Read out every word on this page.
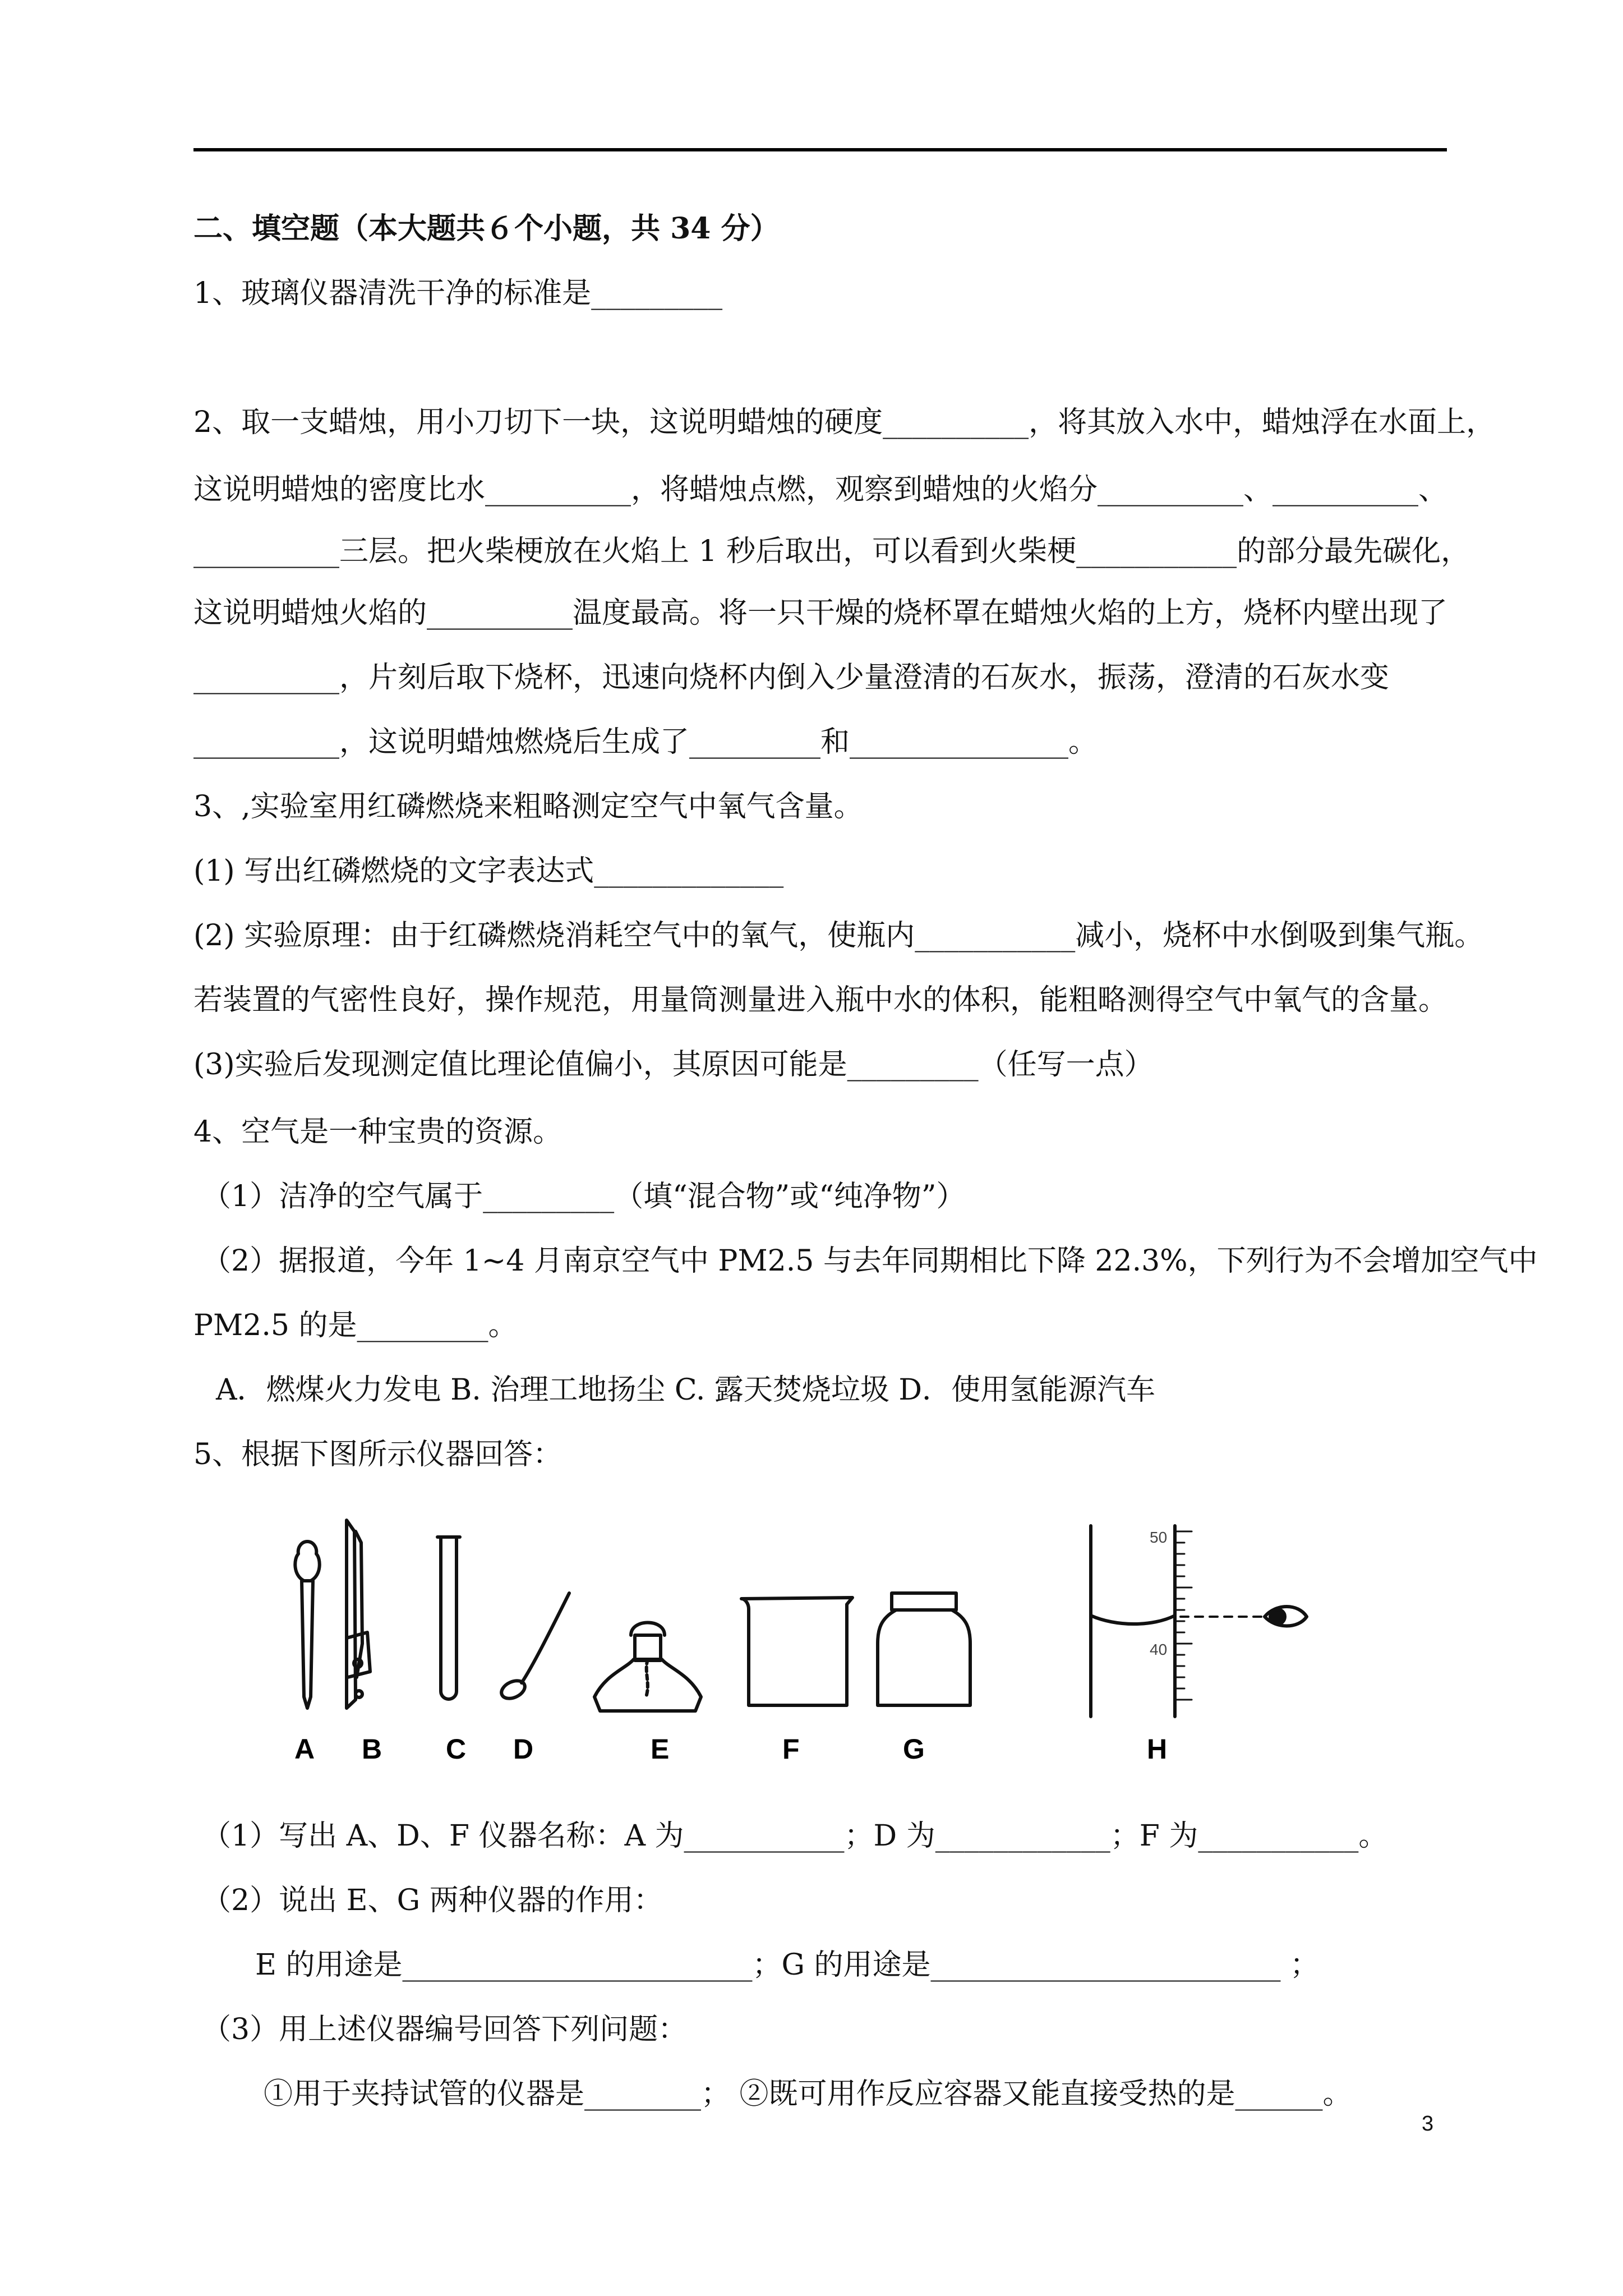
二、填空题（本大题共６个小题，共 34 分）
1、玻璃仪器清洗干净的标准是_________
2、取一支蜡烛，用小刀切下一块，这说明蜡烛的硬度__________，将其放入水中，蜡烛浮在水面上，
这说明蜡烛的密度比水__________，将蜡烛点燃，观察到蜡烛的火焰分__________、__________、
__________三层。把火柴梗放在火焰上 1 秒后取出，可以看到火柴梗___________的部分最先碳化，
这说明蜡烛火焰的__________温度最高。将一只干燥的烧杯罩在蜡烛火焰的上方，烧杯内壁出现了
__________，片刻后取下烧杯，迅速向烧杯内倒入少量澄清的石灰水，振荡，澄清的石灰水变
__________，这说明蜡烛燃烧后生成了_________和_______________。
3、,实验室用红磷燃烧来粗略测定空气中氧气含量。
(1) 写出红磷燃烧的文字表达式_____________
(2) 实验原理：由于红磷燃烧消耗空气中的氧气，使瓶内___________减小，烧杯中水倒吸到集气瓶。
若装置的气密性良好，操作规范，用量筒测量进入瓶中水的体积，能粗略测得空气中氧气的含量。
(3)实验后发现测定值比理论值偏小，其原因可能是_________（任写一点）
4、空气是一种宝贵的资源。
（1）洁净的空气属于_________（填“混合物”或“纯净物”）
（2）据报道，今年 1~4 月南京空气中 PM2.5 与去年同期相比下降 22.3%，下列行为不会增加空气中
PM2.5 的是_________。
A．燃煤火力发电 B. 治理工地扬尘 C. 露天焚烧垃圾 D．使用氢能源汽车
5、根据下图所示仪器回答：
50
40
A B C D	E	F	G	H
（1）写出 A、D、F 仪器名称：A 为___________；D 为____________；F 为___________。
（2）说出 E、G 两种仪器的作用：
E 的用途是________________________；G 的用途是________________________ ；
（3）用上述仪器编号回答下列问题：
①用于夹持试管的仪器是________； ②既可用作反应容器又能直接受热的是______。
3
